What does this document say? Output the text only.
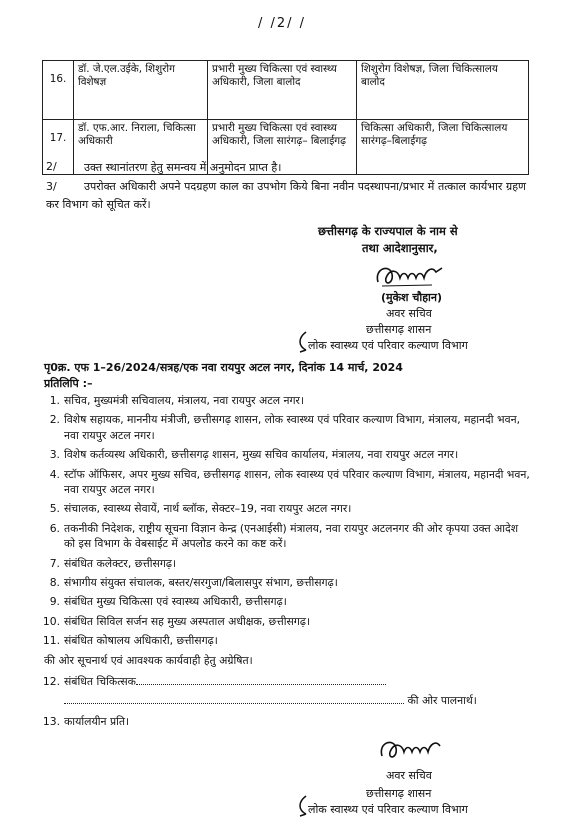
/ /2/ /
16.	डॉ. जे.एल.उईके, शिशुरोग विशेषज्ञ	प्रभारी मुख्य चिकित्सा एवं स्वास्थ्य अधिकारी, जिला बालोद	शिशुरोग विशेषज्ञ, जिला चिकित्सालय बालोद
17.	डॉ. एफ.आर. निराला, चिकित्सा अधिकारी	प्रभारी मुख्य चिकित्सा एवं स्वास्थ्य अधिकारी, जिला सारंगढ़– बिलाईगढ़	चिकित्सा अधिकारी, जिला चिकित्सालय सारंगढ़–बिलाईगढ़
2/ उक्त स्थानांतरण हेतु समन्वय में अनुमोदन प्राप्त है।
3/	उपरोक्त अधिकारी अपने पदग्रहण काल का उपभोग किये बिना नवीन पदस्थापना/प्रभार में तत्काल कार्यभार ग्रहण कर विभाग को सूचित करें।
छत्तीसगढ़ के राज्यपाल के नाम से
तथा आदेशानुसार,
(मुकेश चौहान)
अवर सचिव
छत्तीसगढ़ शासन
लोक स्वास्थ्य एवं परिवार कल्याण विभाग
पृ0क्र. एफ 1–26/2024/सत्रह/एक नवा रायपुर अटल नगर, दिनांक 14 मार्च, 2024
प्रतिलिपि :–
1. सचिव, मुख्यमंत्री सचिवालय, मंत्रालय, नवा रायपुर अटल नगर।
2. विशेष सहायक, माननीय मंत्रीजी, छत्तीसगढ़ शासन, लोक स्वास्थ्य एवं परिवार कल्याण विभाग, मंत्रालय, महानदी भवन, नवा रायपुर अटल नगर।
3. विशेष कर्तव्यस्थ अधिकारी, छत्तीसगढ़ शासन, मुख्य सचिव कार्यालय, मंत्रालय, नवा रायपुर अटल नगर।
4. स्टॉफ ऑफिसर, अपर मुख्य सचिव, छत्तीसगढ़ शासन, लोक स्वास्थ्य एवं परिवार कल्याण विभाग, मंत्रालय, महानदी भवन, नवा रायपुर अटल नगर।
5. संचालक, स्वास्थ्य सेवायें, नार्थ ब्लॉक, सेक्टर–19, नवा रायपुर अटल नगर।
6. तकनीकी निदेशक, राष्ट्रीय सूचना विज्ञान केन्द्र (एनआईसी) मंत्रालय, नवा रायपुर अटलनगर की ओर कृपया उक्त आदेश को इस विभाग के वेबसाईट में अपलोड करने का कष्ट करें।
7. संबंधित कलेक्टर, छत्तीसगढ़।
8. संभागीय संयुक्त संचालक, बस्तर/सरगुजा/बिलासपुर संभाग, छत्तीसगढ़।
9. संबंधित मुख्य चिकित्सा एवं स्वास्थ्य अधिकारी, छत्तीसगढ़।
10. संबंधित सिविल सर्जन सह मुख्य अस्पताल अधीक्षक, छत्तीसगढ़।
11. संबंधित कोषालय अधिकारी, छत्तीसगढ़।
की ओर सूचनार्थ एवं आवश्यक कार्यवाही हेतु अग्रेषित।
12. संबंधित चिकित्सक
की ओर पालनार्थ।
13. कार्यालयीन प्रति।
अवर सचिव
छत्तीसगढ़ शासन
लोक स्वास्थ्य एवं परिवार कल्याण विभाग
